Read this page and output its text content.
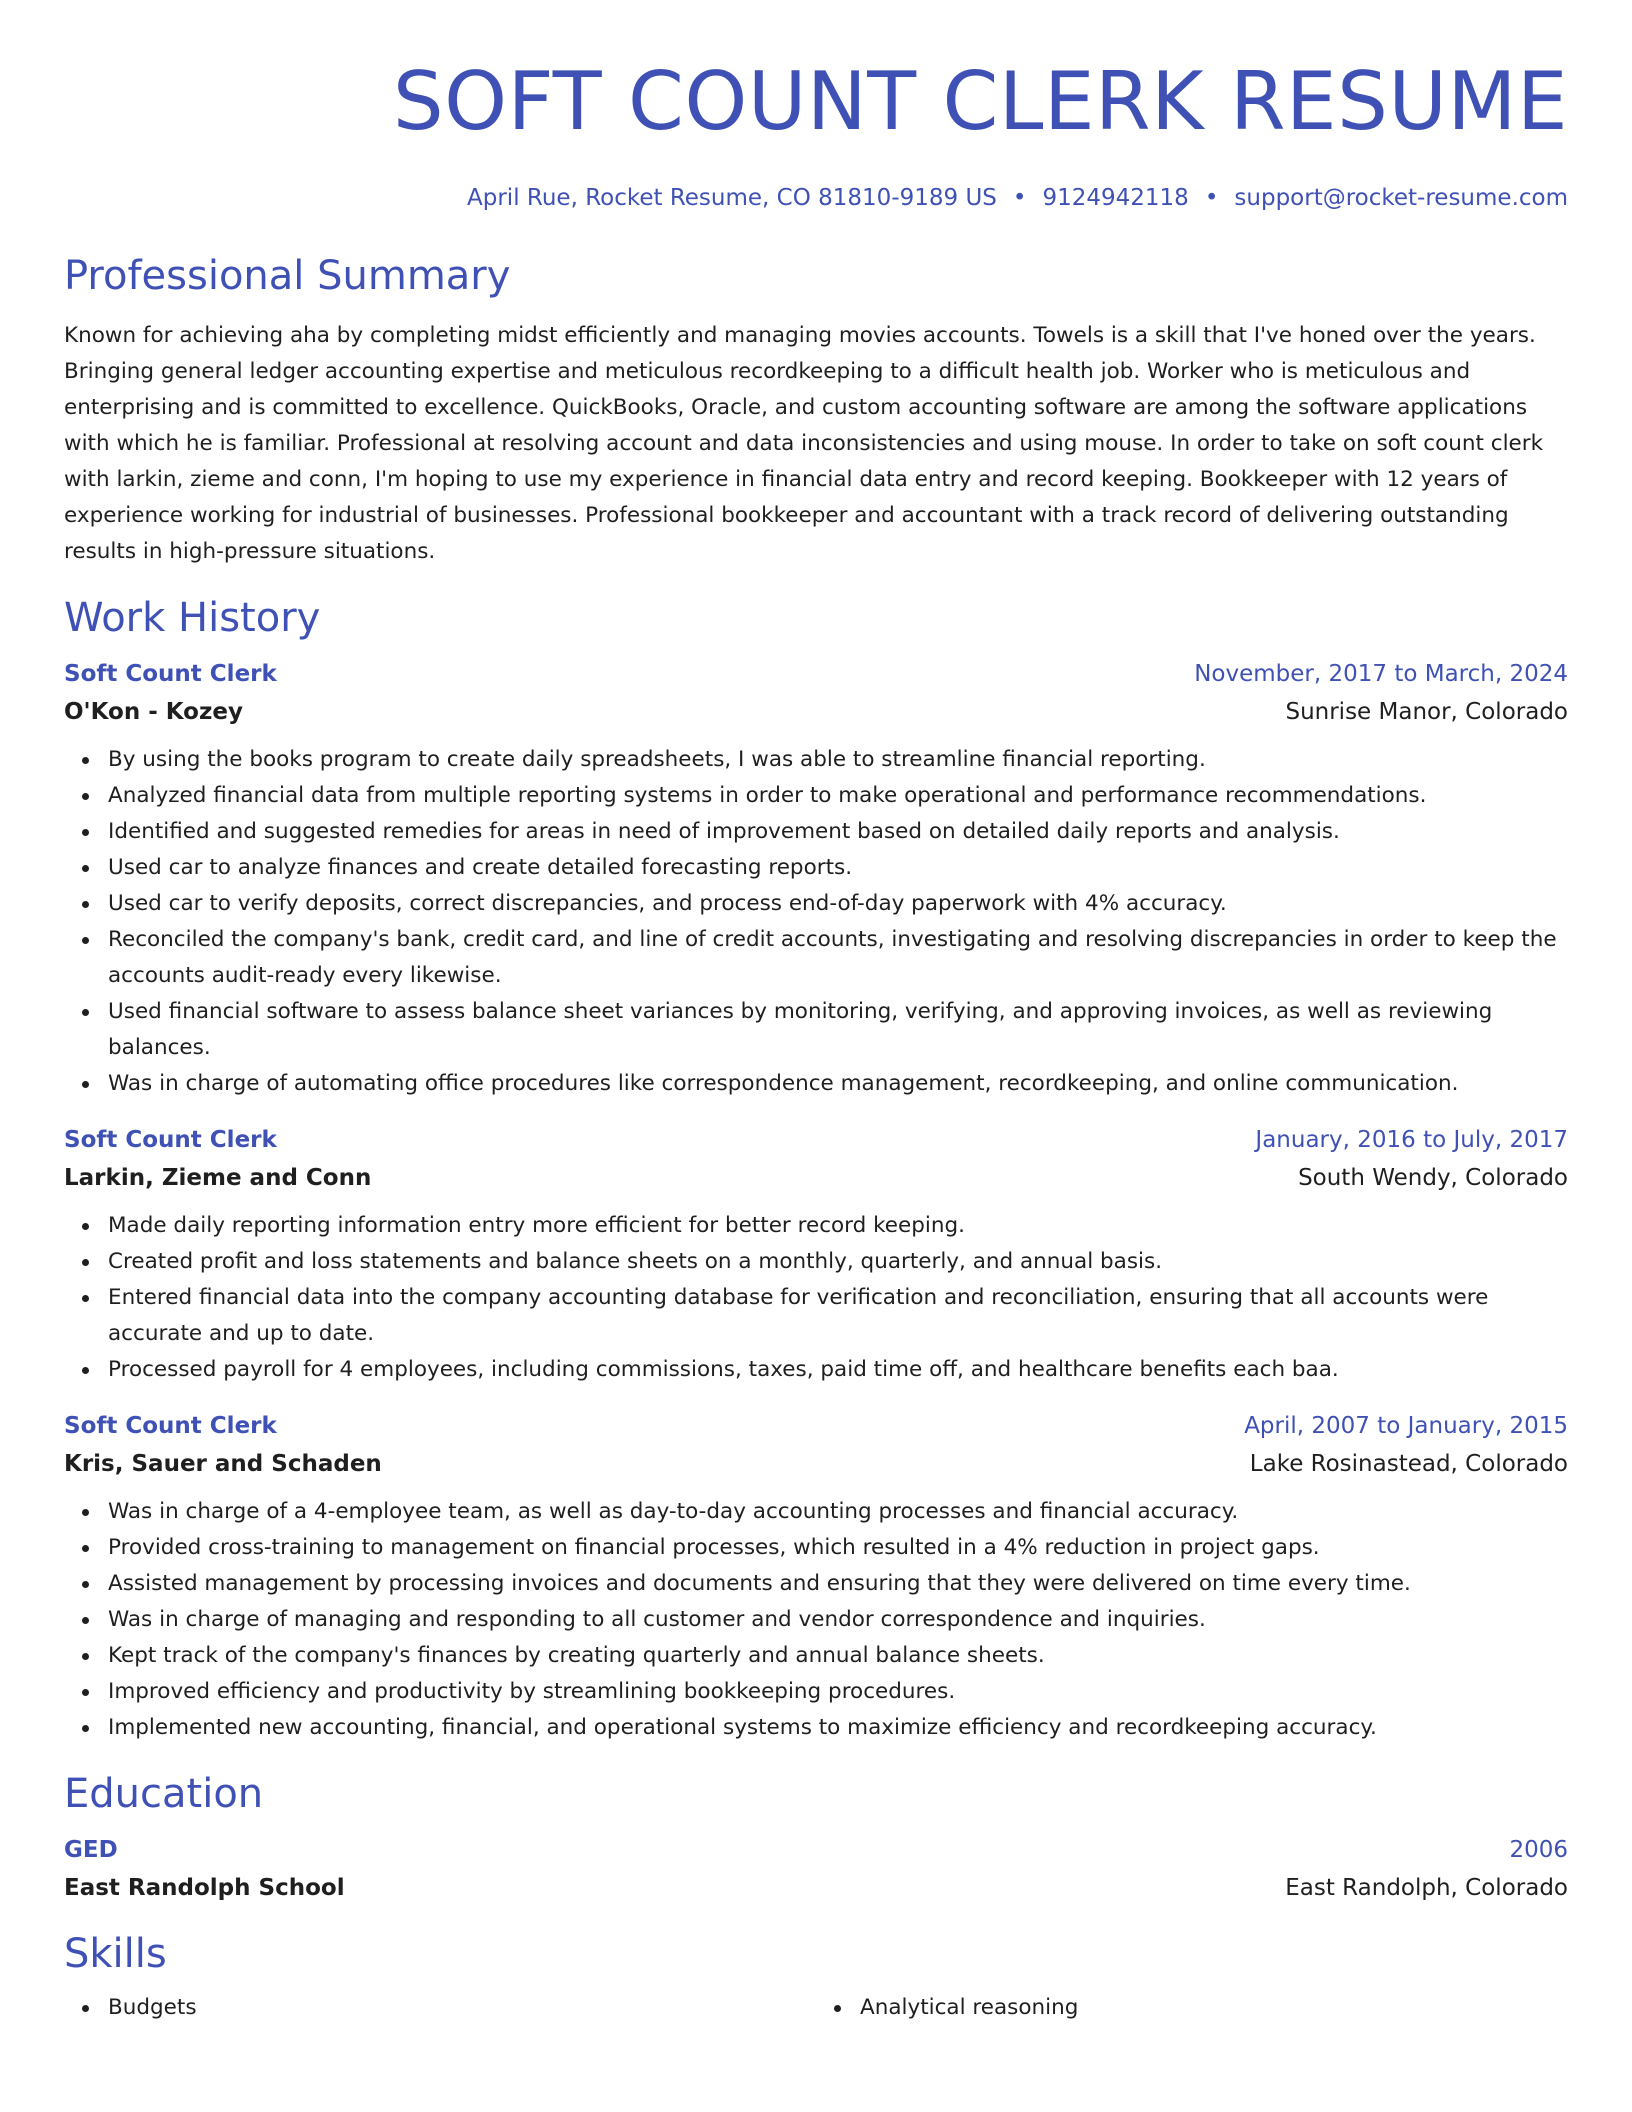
SOFT COUNT CLERK RESUME
April Rue, Rocket Resume, CO 81810-9189 US • 9124942118 • support@rocket-resume.com
Professional Summary

Known for achieving aha by completing midst efficiently and managing movies accounts. Towels is a skill that I've honed over the years. Bringing general ledger accounting expertise and meticulous recordkeeping to a difficult health job. Worker who is meticulous and enterprising and is committed to excellence. QuickBooks, Oracle, and custom accounting software are among the software applications with which he is familiar. Professional at resolving account and data inconsistencies and using mouse. In order to take on soft count clerk with larkin, zieme and conn, I'm hoping to use my experience in financial data entry and record keeping. Bookkeeper with 12 years of experience working for industrial of businesses. Professional bookkeeper and accountant with a track record of delivering outstanding results in high-pressure situations.

Work History
Soft Count Clerk	November, 2017 to March, 2024
O'Kon - Kozey	Sunrise Manor, Colorado
By using the books program to create daily spreadsheets, I was able to streamline financial reporting.
Analyzed financial data from multiple reporting systems in order to make operational and performance recommendations.
Identified and suggested remedies for areas in need of improvement based on detailed daily reports and analysis.
Used car to analyze finances and create detailed forecasting reports.
Used car to verify deposits, correct discrepancies, and process end-of-day paperwork with 4% accuracy.
Reconciled the company's bank, credit card, and line of credit accounts, investigating and resolving discrepancies in order to keep the accounts audit-ready every likewise.
Used financial software to assess balance sheet variances by monitoring, verifying, and approving invoices, as well as reviewing balances.
Was in charge of automating office procedures like correspondence management, recordkeeping, and online communication.
Soft Count Clerk	January, 2016 to July, 2017
Larkin, Zieme and Conn	South Wendy, Colorado
Made daily reporting information entry more efficient for better record keeping.
Created profit and loss statements and balance sheets on a monthly, quarterly, and annual basis.
Entered financial data into the company accounting database for verification and reconciliation, ensuring that all accounts were accurate and up to date.
Processed payroll for 4 employees, including commissions, taxes, paid time off, and healthcare benefits each baa.
Soft Count Clerk	April, 2007 to January, 2015
Kris, Sauer and Schaden	Lake Rosinastead, Colorado
Was in charge of a 4-employee team, as well as day-to-day accounting processes and financial accuracy.
Provided cross-training to management on financial processes, which resulted in a 4% reduction in project gaps.
Assisted management by processing invoices and documents and ensuring that they were delivered on time every time.
Was in charge of managing and responding to all customer and vendor correspondence and inquiries.
Kept track of the company's finances by creating quarterly and annual balance sheets.
Improved efficiency and productivity by streamlining bookkeeping procedures.
Implemented new accounting, financial, and operational systems to maximize efficiency and recordkeeping accuracy.
Education
GED	2006
East Randolph School	East Randolph, Colorado
Skills
Budgets	Analytical reasoning
